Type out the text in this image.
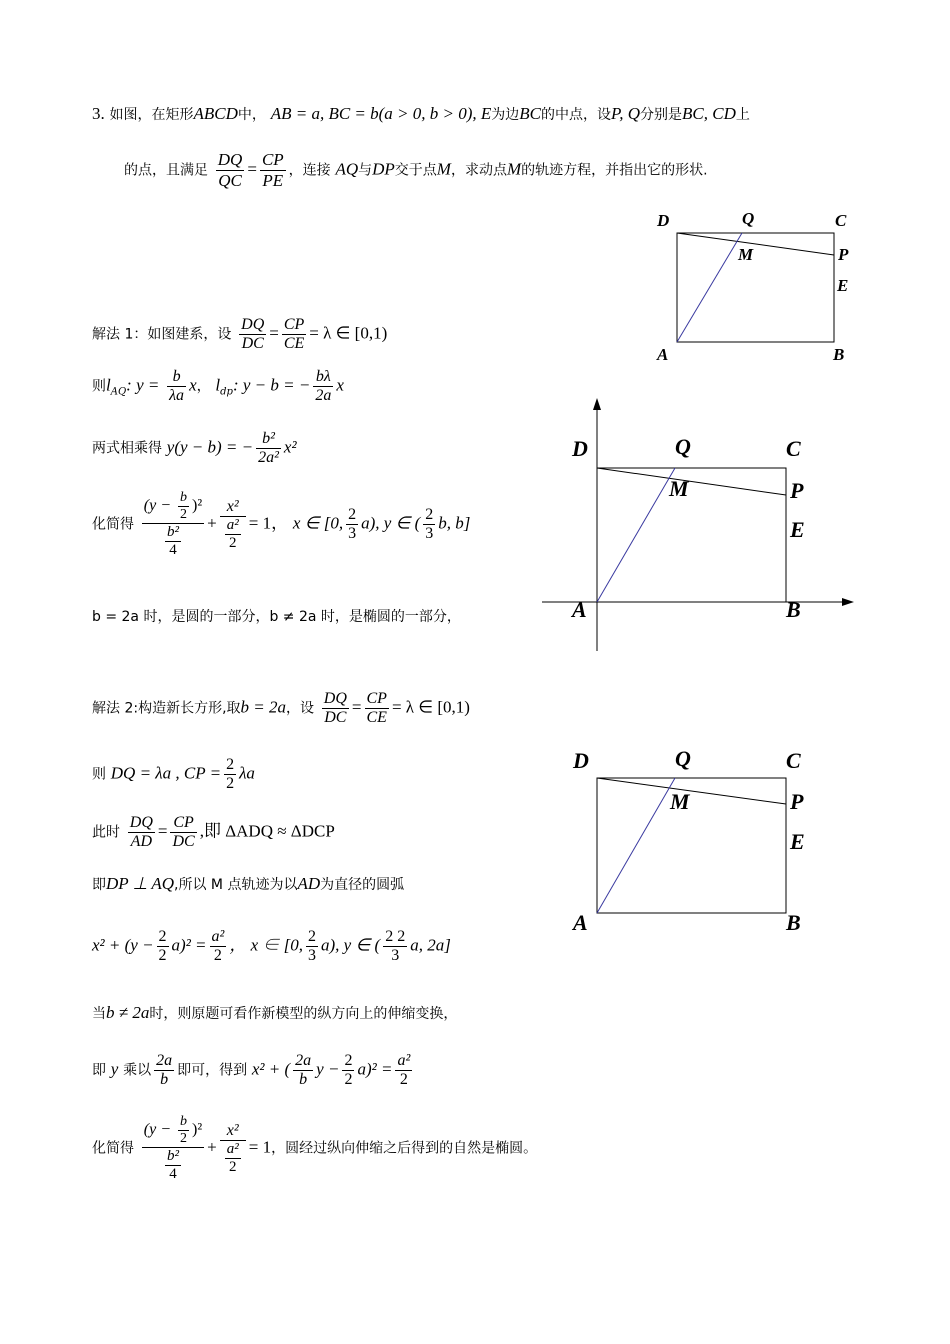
3. 如图，在矩形ABCD中， AB = a, BC = b(a > 0, b > 0), E为边BC的中点，设P, Q分别是BC, CD上
的点，且满足 $\frac{DQ}{QC} = \frac{CP}{PE}$ ，连接 AQ与DP交于点M，求动点M的轨迹方程，并指出它的形状.
D	Q	C
M	P
E
A	B
解法 1：如图建系，设 $\frac{DQ}{DC} = \frac{CP}{CE} = \lambda$ ∈ [0,1)
则$l_{AQ}$: $y = \frac{b}{\lambda a}$ x， $l_{dp}$: y − b = − $\frac{b\lambda}{2a}$ x
两式相乘得 y(y − b) = − $\frac{\text{b²}}{\text{2a²}} x^2$
化简得 $\frac{(y - \frac{b}{2} )^2}{\frac{\text{b²}}{4}} + \frac{\text{x²}}{\frac{\text{a²}}{2}} = 1$， x ∈ [0, $\frac{2}{3} a$), y ∈ ( $\frac{2}{3} b$, b]
b = 2a 时，是圆的一部分，b ≠ 2a 时，是椭圆的一部分，
D	Q	C
M	P
E
A	B
解法 2:构造新长方形,取b = 2a，设 $\frac{DQ}{DC} = \frac{CP}{CE} = \lambda$ ∈ [0,1)
则 DQ = λa , CP = $\frac{2}{2}$ λa
此时 $\frac{DQ}{AD} = \frac{CP}{DC}$ ,即 ΔADQ ≈ ΔDCP
即DP ⊥ AQ,所以 M 点轨迹为以AD为直径的圆弧
$x^2 + (y - \frac{2}{2} a)^2 = \frac{\text{a²}}{2}$ ， x ∈ [0, $\frac{2}{3} a$), y ∈ ( $\frac{2 2}{3} a$, 2a]
当b ≠ 2a时，则原题可看作新模型的纵方向上的伸缩变换，
即 y 乘以 $\frac{2a}{b}$ 即可，得到 x² + ( $\frac{2a}{b}$ $y - \frac{2}{2} a)^2 = \frac{\text{a²}}{2}$
化简得 $\frac{(y - \frac{b}{2} )^2}{\frac{\text{b²}}{4}} + \frac{\text{x²}}{\frac{\text{a²}}{2}} = 1$，圆经过纵向伸缩之后得到的自然是椭圆。
D	Q	C
M	P
E
A	B
